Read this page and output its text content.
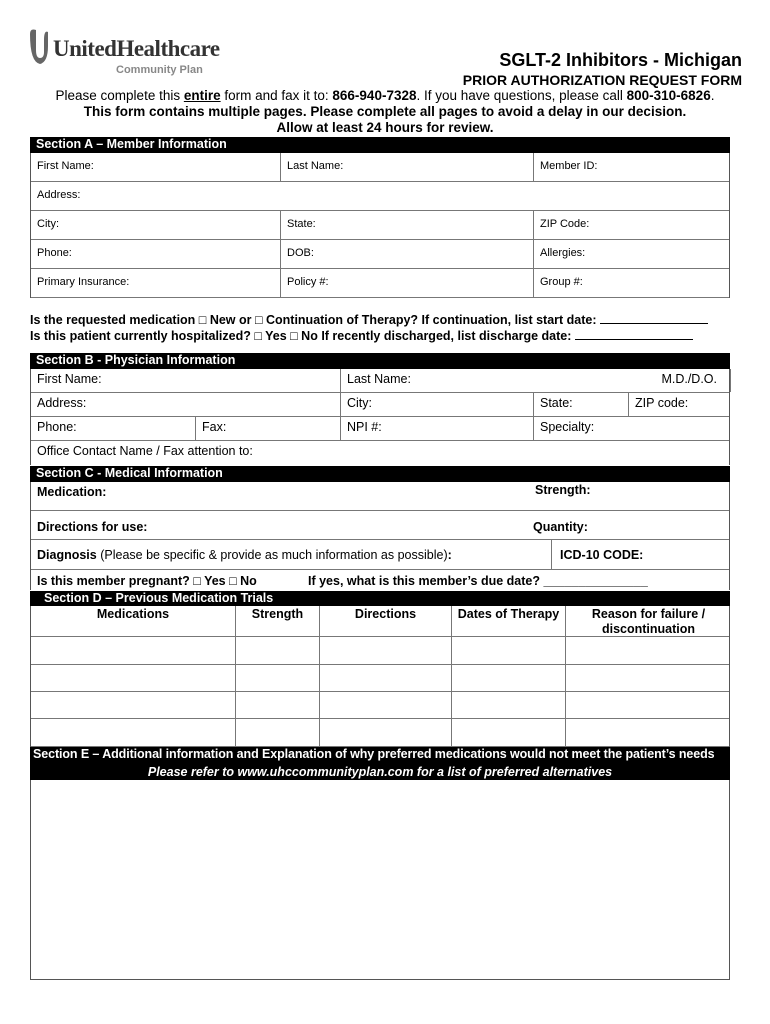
UnitedHealthcare
Community Plan	SGLT-2 Inhibitors - Michigan
PRIOR AUTHORIZATION REQUEST FORM
Please complete this entire form and fax it to: 866-940-7328. If you have questions, please call 800-310-6826.
This form contains multiple pages. Please complete all pages to avoid a delay in our decision.
Allow at least 24 hours for review.
Section A – Member Information
First Name:	Last Name:	Member ID:
Address:
City:	State:	ZIP Code:
Phone:	DOB:	Allergies:
Primary Insurance:	Policy #:	Group #:
Is the requested medication □ New or □ Continuation of Therapy? If continuation, list start date:
Is this patient currently hospitalized? □ Yes □ No If recently discharged, list discharge date:
Section B - Physician Information
First Name:	Last Name:	M.D./D.O.
Address:	City:	State:	ZIP code:
Phone:	Fax:	NPI #:	Specialty:
Office Contact Name / Fax attention to:
Section C - Medical Information
Medication:	Strength:
Directions for use:	Quantity:
Diagnosis (Please be specific & provide as much information as possible):	ICD-10 CODE:
Is this member pregnant? □ Yes □ No	If yes, what is this member’s due date? _______________
Section D – Previous Medication Trials
Medications	Strength	Directions	Dates of Therapy	Reason for failure / discontinuation
Section E – Additional information and Explanation of why preferred medications would not meet the patient’s needs
Please refer to www.uhccommunityplan.com for a list of preferred alternatives
